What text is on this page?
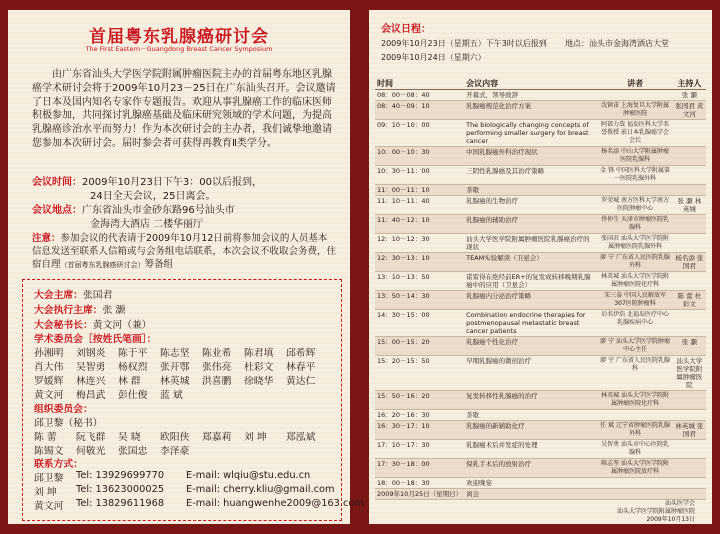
首届粤东乳腺癌研讨会
The First Eastern－Guangdong Breast Cancer Symposium
由广东省汕头大学医学院附属肿瘤医院主办的首届粤东地区乳腺癌学术研讨会将于2009年10月23－25日在广东汕头召开。会议邀请了日本及国内知名专家作专题报告。欢迎从事乳腺癌工作的临床医师积极参加，共同探讨乳腺癌基础及临床研究领域的学术问题，为提高乳腺癌诊治水平而努力！作为本次研讨会的主办者，我们诚挚地邀请您参加本次研讨会。届时参会者可获得再教育Ⅱ类学分。
会议时间：2009年10月23日下午3：00以后报到，
24日全天会议，25日离会。
会议地点：广东省汕头市金砂东路96号汕头市
金海湾大酒店 二楼华丽厅
注意：参加会议的代表请于2009年10月12日前将参加会议的人员基本信息发送至联系人信箱或与会务组电话联系，本次会议不收取会务费，住宿自理（首届粤东乳腺癌研讨会）筹备组
大会主席：张国君
大会执行主席：张 灏
大会秘书长：黄文河（兼）
学术委员会［按姓氏笔画］：
孙湘明	刘钢炎	陈于平	陈志坚	陈业希	陈君填	邱希辉
肖大伟	吴智勇	杨权烈	张开鄂	张伟亮	杜彩文	林春平
罗媛辉	林连兴	林 群	林英城	洪喜鹏	徐晓华	黄达仁
黄文河	梅昌武	彭仕俊	蓝 斌
组织委员会：
邱卫黎（秘书）
陈 蕾	阮飞群	吴 晓	欧阳侠	郑嘉莉	刘 坤	郑泓斌
陈锡文	何敬光	张国忠	李泽豪
联系方式：
邱卫黎	Tel: 13929699770	E-mail: wlqiu@stu.edu.cn
刘 坤	Tel: 13623000025	E-mail: cherry.kliu@gmail.com
黄文河	Tel: 13829611968	E-mail: huangwenhe2009@163.com
会议日程：
2009年10月23日（星期五）下午3时以后报到 地点：汕头市金海湾酒店大堂
2009年10月24日（星期六）
时间	会议内容	讲者	主持人
08：00－08：40	开幕式，领导致辞		张 灏
08：40－09：10	乳腺癌规范化治疗方案	沈镇宙 上海复旦大学附属肿瘤医院	张国君 黄文河
09：10－10：00	The biologically changing concepts of performing smaller surgery for breast cancer	阿部力哉 福岛医科大学名誉教授 前日本乳腺癌学会会长	
10：00－10：30	中国乳腺癌外科治疗现状	杨名添 中山大学附属肿瘤医院乳腺科	
10：30－11：00	三阴性乳腺癌及其治疗策略	金 锋 中国医科大学附属第一医院乳腺外科	
11：00－11：10	茶歇		
11：10－11：40	乳腺癌的生物治疗	罗荣城 南方医科大学南方医院肿瘤中心	张 灏 林英城
11：40－12：10	乳腺癌的辅助治疗	佟仲生 天津市肿瘤医院乳腺科	
12：10－12：30	汕头大学医学院附属肿瘤医院乳腺癌治疗的现状	张国君 汕头大学医学院附属肿瘤医院乳腺外科	
12：30－13：10	TEAM实验解读（卫星会）	廖 宁 广东省人民医院乳腺外科	杨名添 张国君
13：10－13：50	诺雷得在绝经前ER+的复发或转移晚期乳腺癌中的应用（卫星会）	林英城 汕头大学医学院附属肿瘤医院化疗科	
13：50－14：30	乳腺癌内分泌治疗策略	宋三泰 中国人民解放军307医院肿瘤科	陈 蕾 杜彩文
14：30－15：00	Combination endocrine therapies for postmenopausal metastatic breast cancer patients	启名伊浩 北福岛医疗中心乳腺疾病中心	
15：00－15：20	乳腺癌个性化治疗	廖 宁 汕头大学医学院肿瘤中心主任	张 灏
15：20－15：50	早期乳腺癌的微创治疗	廖 宁 广东省人民医院乳腺科	汕头大学医学院附属肿瘤医院
15：50－16：20	复发转移性乳腺癌的治疗	林英城 汕头大学医学院附属肿瘤医院化疗科	
16：20－16：30	茶歇		
16：30－17：10	乳腺癌的新辅助化疗	任 斌 辽宁省肿瘤医院乳腺外科	林英城 张国君
17：10－17：30	乳腺癌术后并发症的处理	吴智勇 汕头市中心医院乳腺科	
17：30－18：00	保乳手术后的放射治疗	陈志坚 汕头大学医学院附属肿瘤医院放疗科	
18：00－18：30	欢迎晚宴		
2009年10月25日（星期日）	离会		
汕头医学会
汕头大学医学院附属肿瘤医院
2009年10月13日
